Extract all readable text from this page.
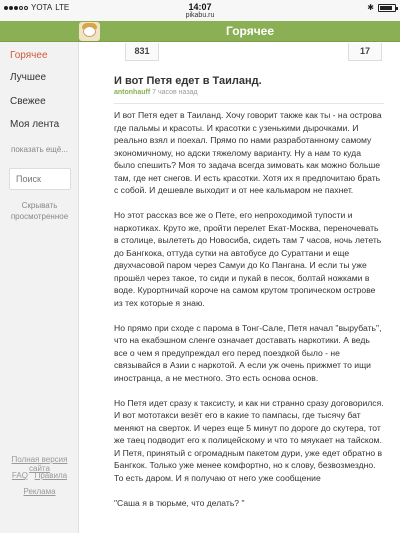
YOTA LTE	14:07	✱
pikabu.ru
Горячее
Горячее
Лучшее
Свежее
Моя лента
показать ещё...
Поиск
Скрывать просмотренное
Полная версия сайта
FAQ Правила
Реклама
831	17
И вот Петя едет в Таиланд.
antonhauff 7 часов назад

И вот Петя едет в Таиланд. Хочу говорит также как ты - на острова где пальмы и красоты. И красотки с узенькими дырочками. И реально взял и поехал. Прямо по нами разработанному самому экономичному, но адски тяжелому варианту. Ну а нам то куда было спешить? Моя то задача всегда зимовать как можно больше там, где нет снегов. И есть красотки. Хотя их я предпочитаю брать с собой. И дешевле выходит и от нее кальмаром не пахнет.

Но этот рассказ все же о Пете, его непроходимой тупости и наркотиках. Круто же, пройти перелет Екат-Москва, переночевать в столице, вылететь до Новосиба, сидеть там 7 часов, ночь лететь до Бангкока, оттуда сутки на автобусе до Сураттани и еще двухчасовой паром через Самуи до Ко Пангана. И если ты уже прошёл через такое, то сиди и пукай в песок, болтай ножками в воде. Курортничай короче на самом крутом тропическом острове из тех которые я знаю.

Но прямо при сходе с парома в Тонг-Сале, Петя начал "вырубать", что на екабэшном сленге означает доставать наркотики. А ведь все о чем я предупреждал его перед поездкой было - не связывайся в Азии с наркотой. А если уж очень прижмет то ищи иностранца, а не местного. Это есть основа основ.

Но Петя идет сразу к таксисту, и как ни странно сразу договорился. И вот мототакси везёт его в какие то пампасы, где тысячу бат меняют на сверток. И через еще 5 минут по дороге до скутера, тот же таец подводит его к полицейскому и что то мяукает на тайском. И Петя, принятый с огромадным пакетом дури, уже едет обратно в Бангкок. Только уже менее комфортно, но к слову, безвозмездно. То есть даром. И я получаю от него уже сообщение

"Саша я в тюрьме, что делать? "
